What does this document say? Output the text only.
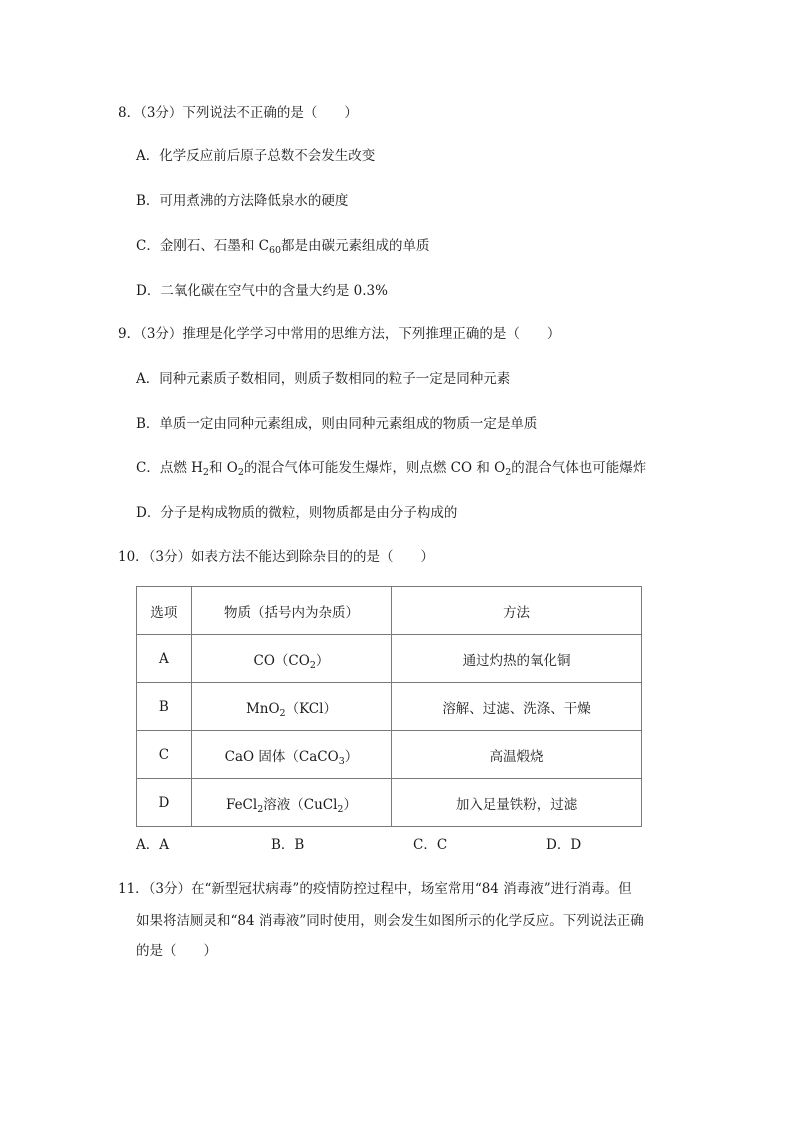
8．（3分）下列说法不正确的是（　　）
A．化学反应前后原子总数不会发生改变
B．可用煮沸的方法降低泉水的硬度
C．金刚石、石墨和 $C_{60}$都是由碳元素组成的单质
D．二氧化碳在空气中的含量大约是 0.3%
9．（3分）推理是化学学习中常用的思维方法，下列推理正确的是（　　）
A．同种元素质子数相同，则质子数相同的粒子一定是同种元素
B．单质一定由同种元素组成，则由同种元素组成的物质一定是单质
C．点燃 $H_2$和 $O_2$的混合气体可能发生爆炸，则点燃 CO 和 $O_2$的混合气体也可能爆炸
D．分子是构成物质的微粒，则物质都是由分子构成的
10．（3分）如表方法不能达到除杂目的的是（　　）
选项	物质（括号内为杂质）	方法
A	$CO(CO_2)$	通过灼热的氧化铜
B	MnO$_2$（KCl）	溶解、过滤、洗涤、干燥
C	CaO 固体（CaCO$_3$）	高温煅烧
D	FeCl$_2$溶液（CuCl$_2$）	加入足量铁粉，过滤
A．A	B．B	C．C	D．D
11．（3分）在“新型冠状病毒”的疫情防控过程中，场室常用“84 消毒液”进行消毒。但
如果将洁厕灵和“84 消毒液”同时使用，则会发生如图所示的化学反应。下列说法正确
的是（　　）
